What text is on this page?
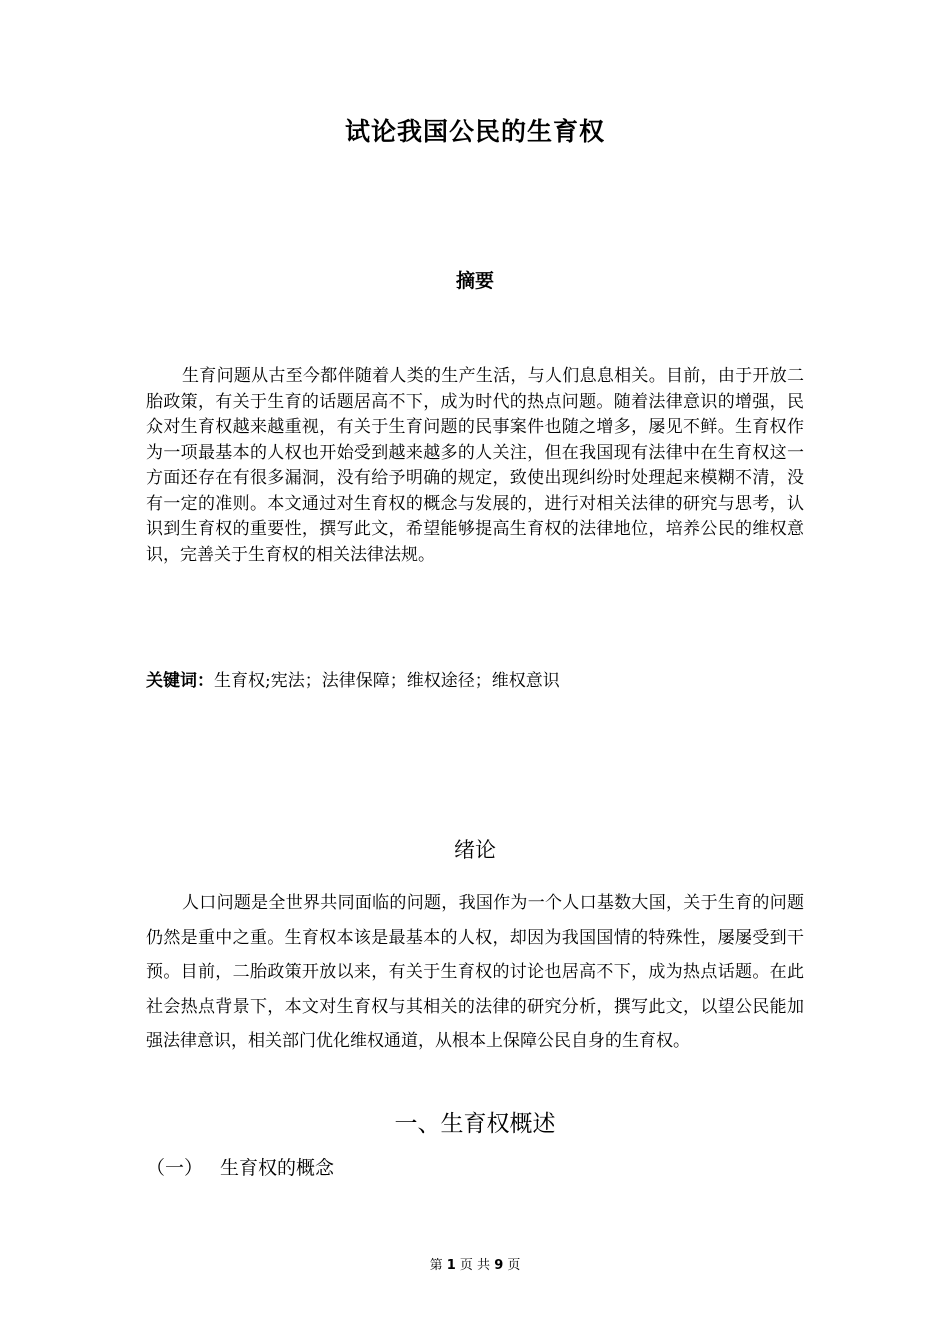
试论我国公民的生育权
摘要

生育问题从古至今都伴随着人类的生产生活，与人们息息相关。目前，由于开放二胎政策，有关于生育的话题居高不下，成为时代的热点问题。随着法律意识的增强，民众对生育权越来越重视，有关于生育问题的民事案件也随之增多，屡见不鲜。生育权作为一项最基本的人权也开始受到越来越多的人关注，但在我国现有法律中在生育权这一方面还存在有很多漏洞，没有给予明确的规定，致使出现纠纷时处理起来模糊不清，没有一定的准则。本文通过对生育权的概念与发展的，进行对相关法律的研究与思考，认识到生育权的重要性，撰写此文，希望能够提高生育权的法律地位，培养公民的维权意识，完善关于生育权的相关法律法规。

关键词：生育权;宪法；法律保障；维权途径；维权意识

绪论

人口问题是全世界共同面临的问题，我国作为一个人口基数大国，关于生育的问题仍然是重中之重。生育权本该是最基本的人权，却因为我国国情的特殊性，屡屡受到干预。目前，二胎政策开放以来，有关于生育权的讨论也居高不下，成为热点话题。在此社会热点背景下，本文对生育权与其相关的法律的研究分析，撰写此文，以望公民能加强法律意识，相关部门优化维权通道，从根本上保障公民自身的生育权。

一、生育权概述
（一） 生育权的概念
第 1 页 共 9 页
